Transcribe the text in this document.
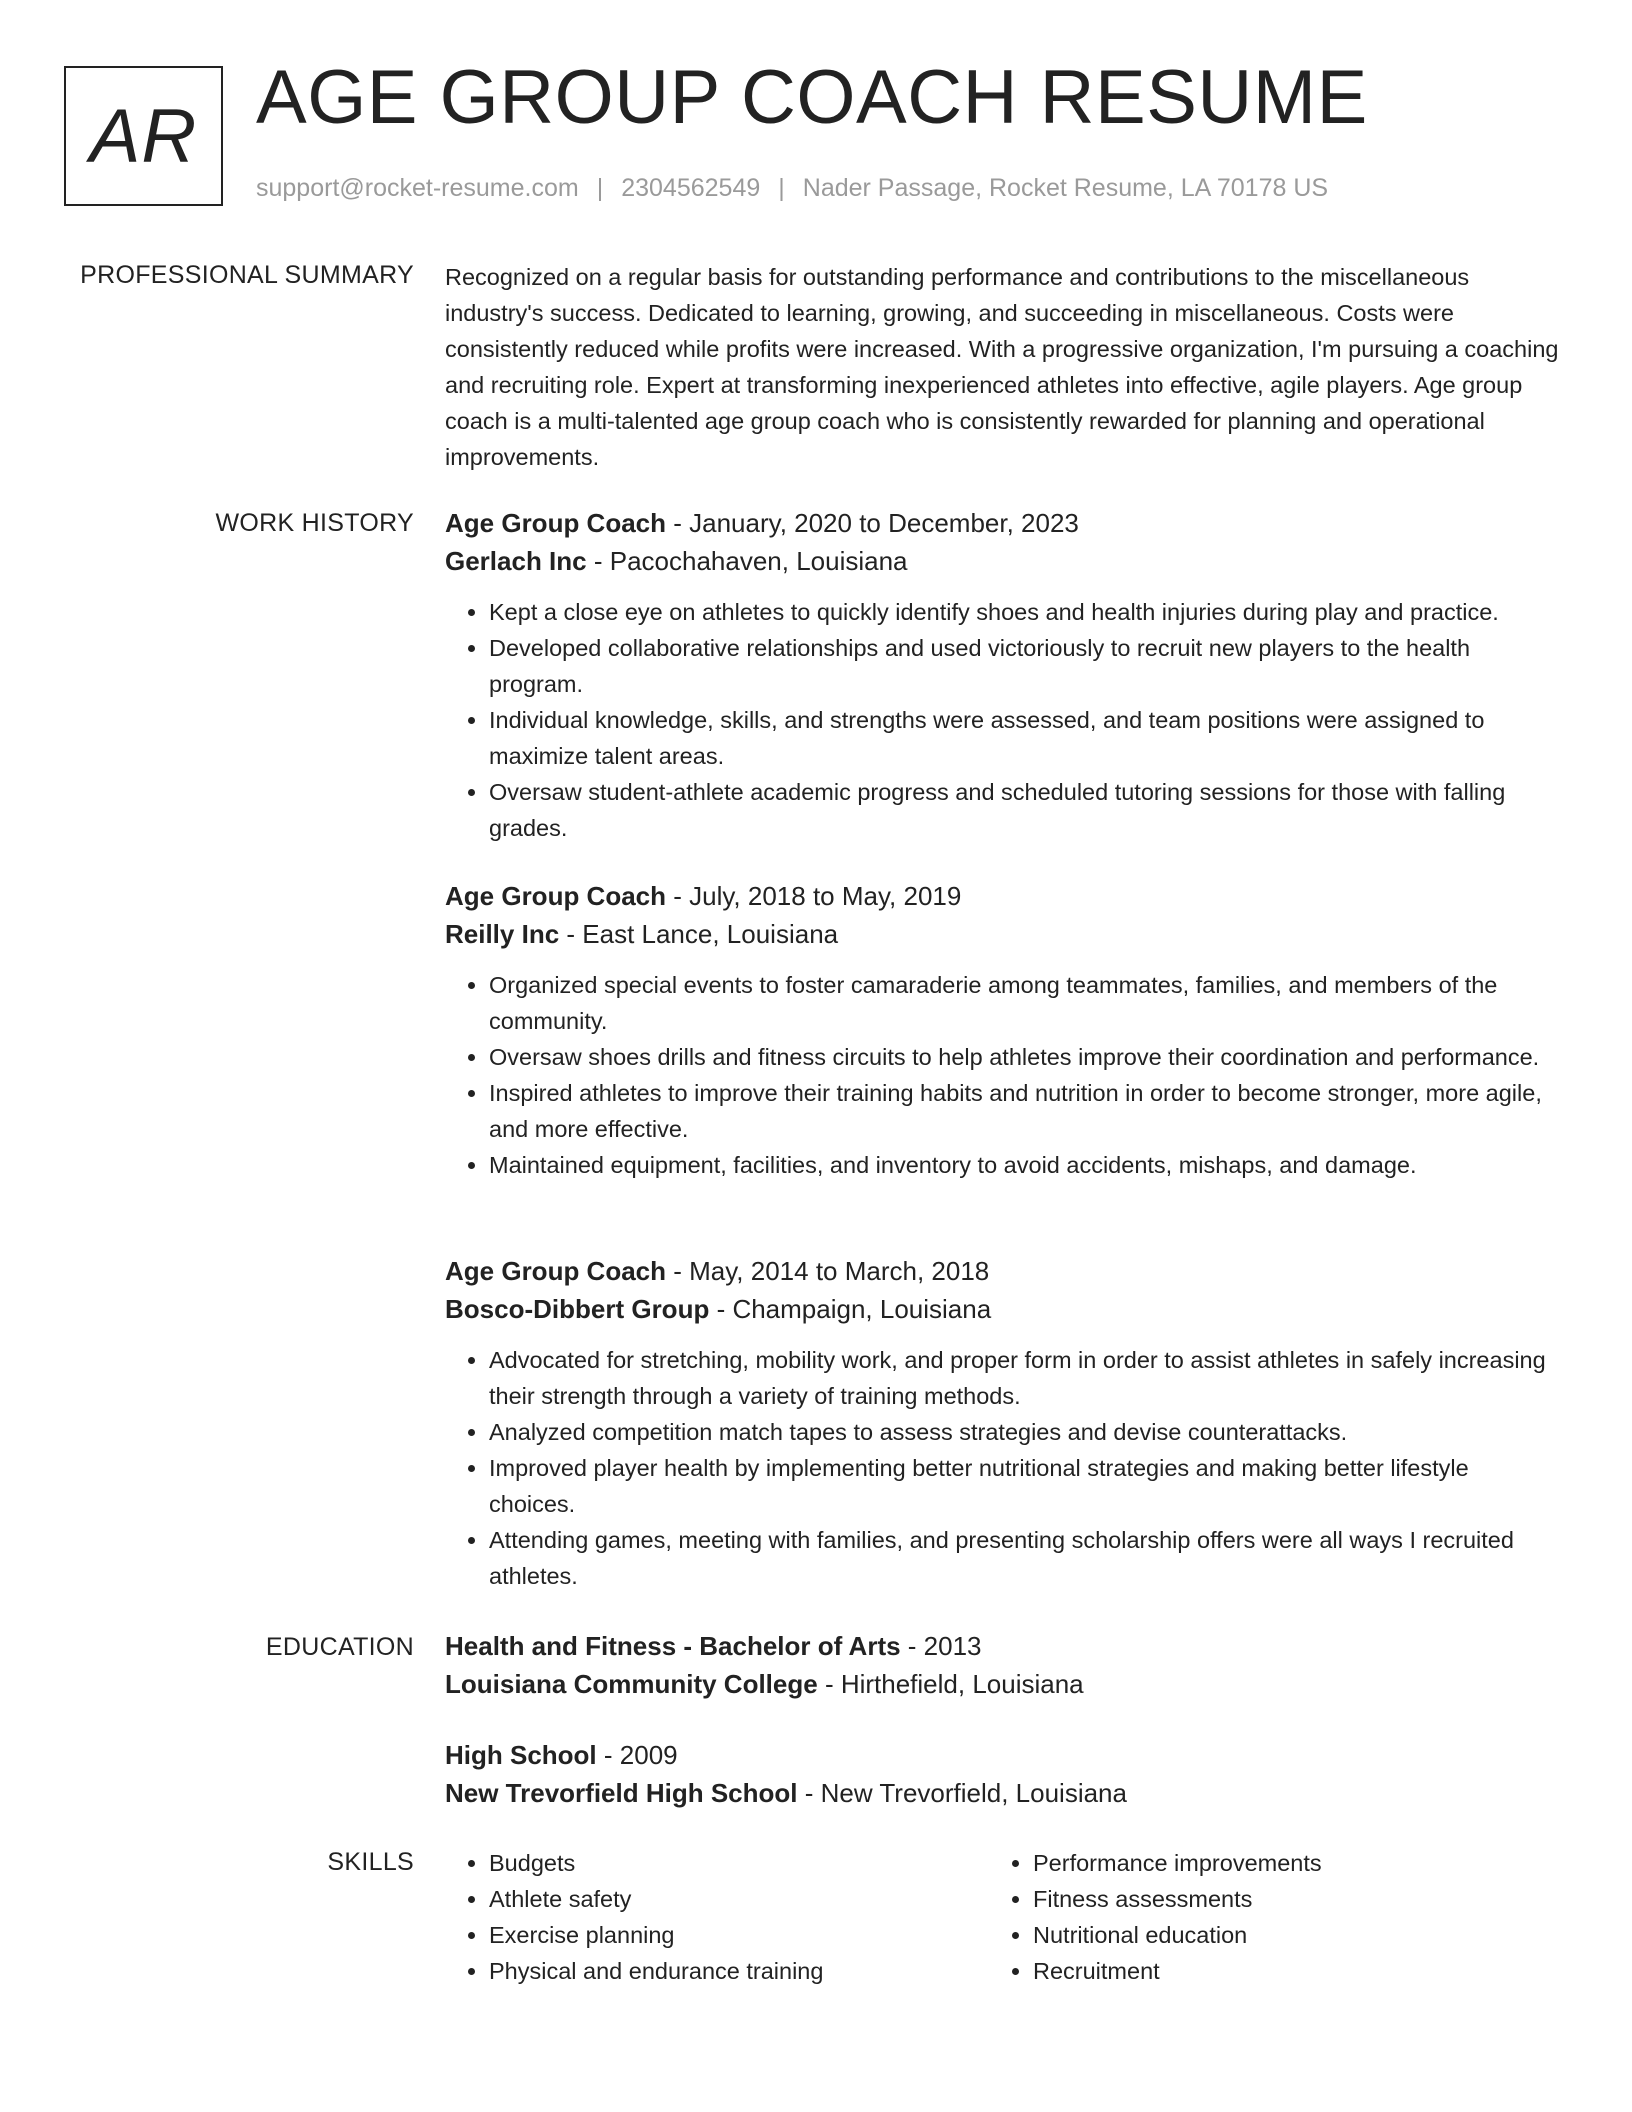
AR AGE GROUP COACH RESUME
support@rocket-resume.com | 2304562549 | Nader Passage, Rocket Resume, LA 70178 US
PROFESSIONAL SUMMARY Recognized on a regular basis for outstanding performance and contributions to the miscellaneous industry's success. Dedicated to learning, growing, and succeeding in miscellaneous. Costs were consistently reduced while profits were increased. With a progressive organization, I'm pursuing a coaching and recruiting role. Expert at transforming inexperienced athletes into effective, agile players. Age group coach is a multi-talented age group coach who is consistently rewarded for planning and operational improvements.

WORK HISTORY Age Group Coach - January, 2020 to December, 2023

Gerlach Inc - Pacochahaven, Louisiana

• Kept a close eye on athletes to quickly identify shoes and health injuries during play and practice.
• Developed collaborative relationships and used victoriously to recruit new players to the health program.
• Individual knowledge, skills, and strengths were assessed, and team positions were assigned to maximize talent areas.
• Oversaw student-athlete academic progress and scheduled tutoring sessions for those with falling grades.

Age Group Coach - July, 2018 to May, 2019

Reilly Inc - East Lance, Louisiana

• Organized special events to foster camaraderie among teammates, families, and members of the community.
• Oversaw shoes drills and fitness circuits to help athletes improve their coordination and performance.
• Inspired athletes to improve their training habits and nutrition in order to become stronger, more agile, and more effective.
• Maintained equipment, facilities, and inventory to avoid accidents, mishaps, and damage.

Age Group Coach - May, 2014 to March, 2018

Bosco-Dibbert Group - Champaign, Louisiana

• Advocated for stretching, mobility work, and proper form in order to assist athletes in safely increasing their strength through a variety of training methods.
• Analyzed competition match tapes to assess strategies and devise counterattacks.
• Improved player health by implementing better nutritional strategies and making better lifestyle choices.
• Attending games, meeting with families, and presenting scholarship offers were all ways I recruited athletes.
EDUCATION Health and Fitness - Bachelor of Arts - 2013

Louisiana Community College - Hirthefield, Louisiana

High School - 2009

New Trevorfield High School - New Trevorfield, Louisiana

SKILLS
•	Budgets
• Athlete safety
• Exercise planning
• Physical and endurance training
• Performance improvements
• Fitness assessments
• Nutritional education
• Recruitment
